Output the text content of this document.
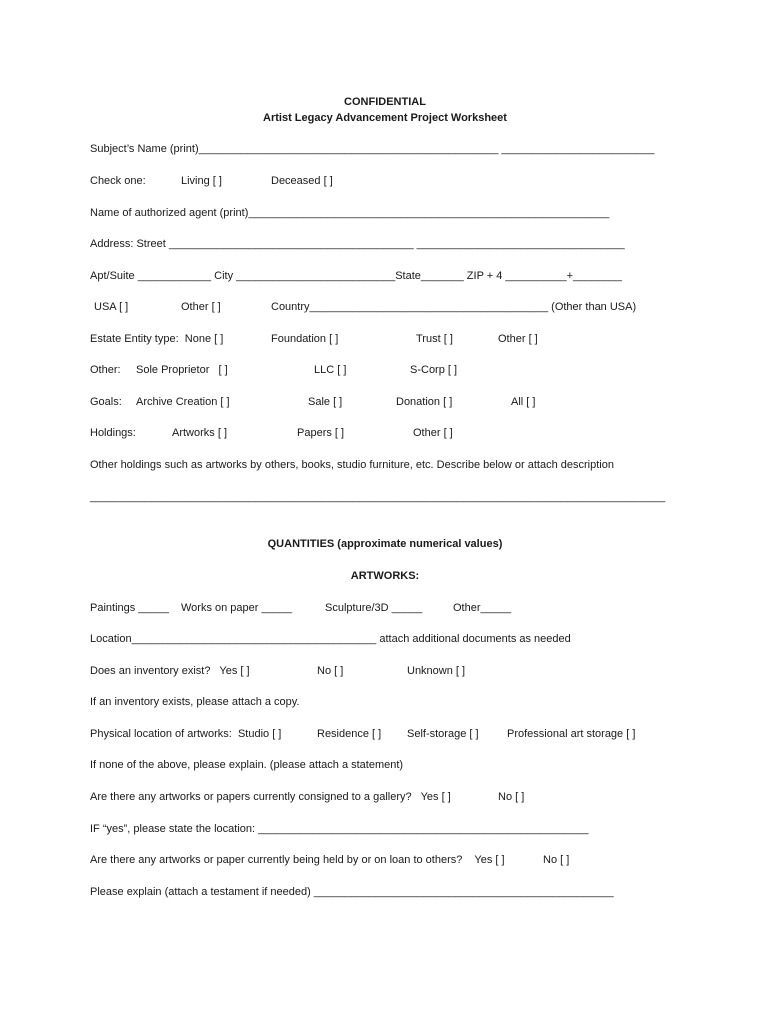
CONFIDENTIAL
Artist Legacy Advancement Project Worksheet
Subject’s Name (print)_________________________________________________ _________________________
Check one:	Living [ ]	Deceased [ ]
Name of authorized agent (print)___________________________________________________________
Address: Street ________________________________________ __________________________________
Apt/Suite ____________ City __________________________State_______ ZIP + 4 __________+________
USA [ ]	Other [ ]	Country_______________________________________ (Other than USA)
Estate Entity type:  None [ ]	Foundation [ ]	Trust [ ]	Other [ ]
Other: Sole Proprietor   [ ]	LLC [ ]	S-Corp [ ]
Goals: Archive Creation [ ]	Sale [ ]	Donation [ ]	All [ ]
Holdings:	Artworks [ ]	Papers [ ]	Other [ ]
Other holdings such as artworks by others, books, studio furniture, etc. Describe below or attach description
______________________________________________________________________________________________
QUANTITIES (approximate numerical values)
ARTWORKS:
Paintings _____ Works on paper _____	Sculpture/3D _____	Other_____
Location________________________________________ attach additional documents as needed
Does an inventory exist?   Yes [ ]	No [ ]	Unknown [ ]
If an inventory exists, please attach a copy.
Physical location of artworks:  Studio [ ]	Residence [ ] Self-storage [ ]	Professional art storage [ ]
If none of the above, please explain. (please attach a statement)
Are there any artworks or papers currently consigned to a gallery?   Yes [ ]	No [ ]
IF “yes”, please state the location: ______________________________________________________
Are there any artworks or paper currently being held by or on loan to others?    Yes [ ]	No [ ]
Please explain (attach a testament if needed) _________________________________________________
